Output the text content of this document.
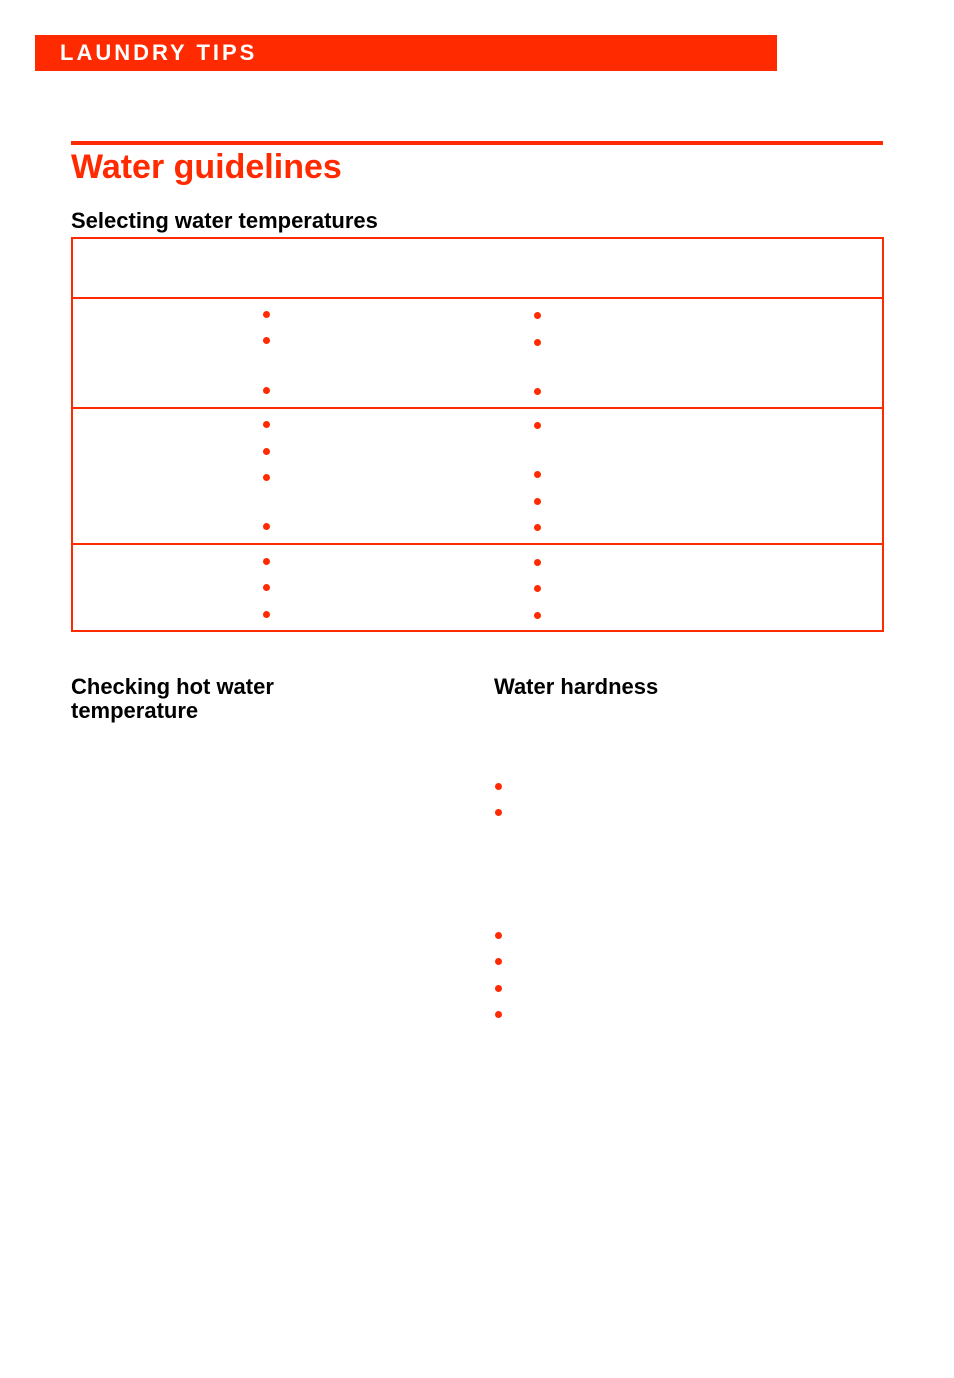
LAUNDRY TIPS
Water guidelines
Selecting water temperatures
Checking hot water temperature
Water hardness
